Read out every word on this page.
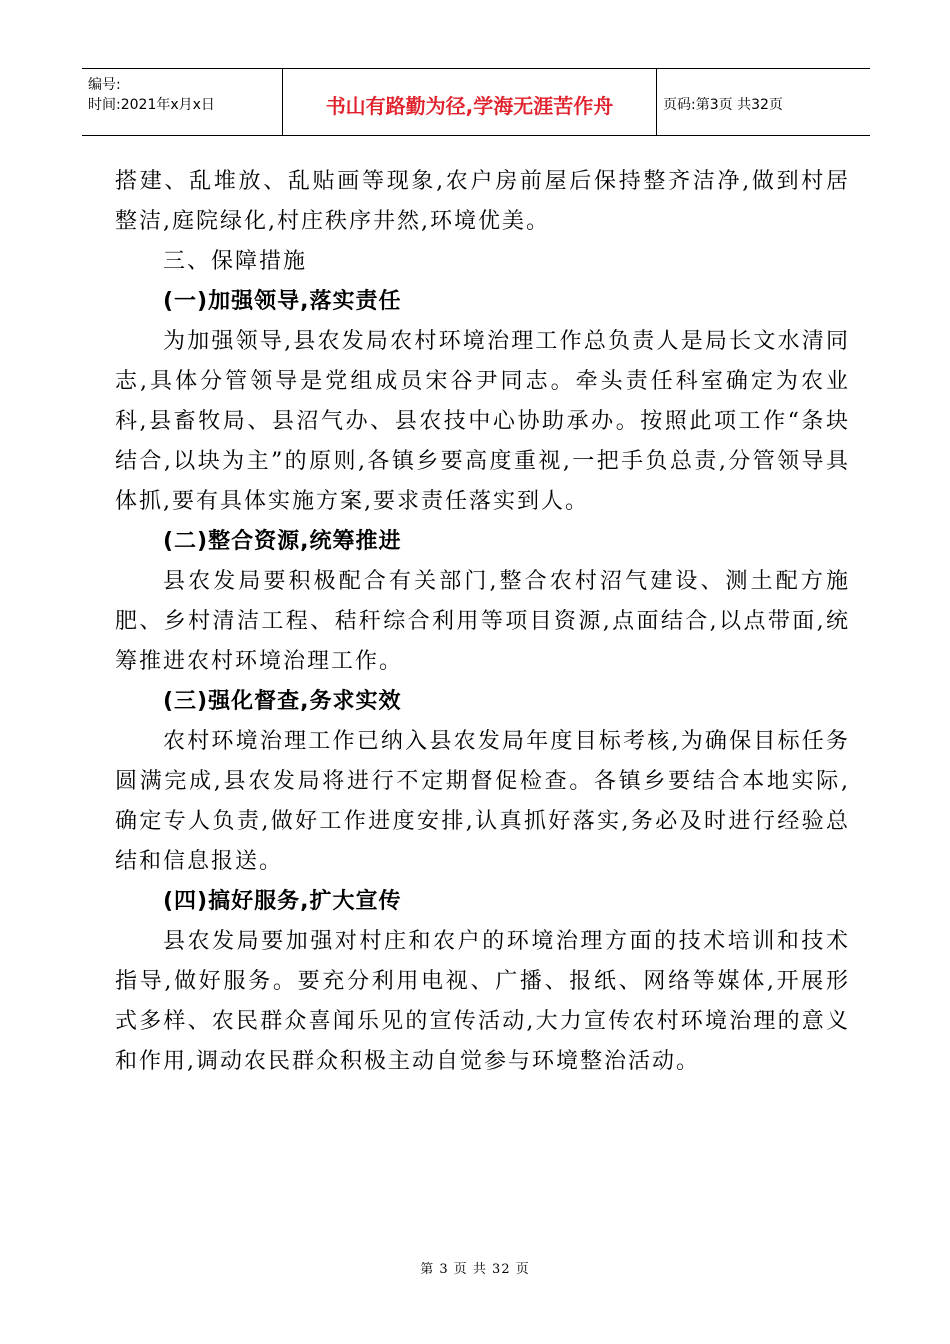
编号:
时间:2021年x月x日	书山有路勤为径,学海无涯苦作舟	页码:第3页 共32页

搭建、乱堆放、乱贴画等现象,农户房前屋后保持整齐洁净,做到村居整洁,庭院绿化,村庄秩序井然,环境优美。

三、保障措施

(一)加强领导,落实责任

为加强领导,县农发局农村环境治理工作总负责人是局长文水清同志,具体分管领导是党组成员宋谷尹同志。牵头责任科室确定为农业科,县畜牧局、县沼气办、县农技中心协助承办。按照此项工作“条块结合,以块为主”的原则,各镇乡要高度重视,一把手负总责,分管领导具体抓,要有具体实施方案,要求责任落实到人。

(二)整合资源,统筹推进

县农发局要积极配合有关部门,整合农村沼气建设、测土配方施肥、乡村清洁工程、秸秆综合利用等项目资源,点面结合,以点带面,统筹推进农村环境治理工作。

(三)强化督查,务求实效

农村环境治理工作已纳入县农发局年度目标考核,为确保目标任务圆满完成,县农发局将进行不定期督促检查。各镇乡要结合本地实际,确定专人负责,做好工作进度安排,认真抓好落实,务必及时进行经验总结和信息报送。

(四)搞好服务,扩大宣传

县农发局要加强对村庄和农户的环境治理方面的技术培训和技术指导,做好服务。要充分利用电视、广播、报纸、网络等媒体,开展形式多样、农民群众喜闻乐见的宣传活动,大力宣传农村环境治理的意义和作用,调动农民群众积极主动自觉参与环境整治活动。

第 3 页 共 32 页
